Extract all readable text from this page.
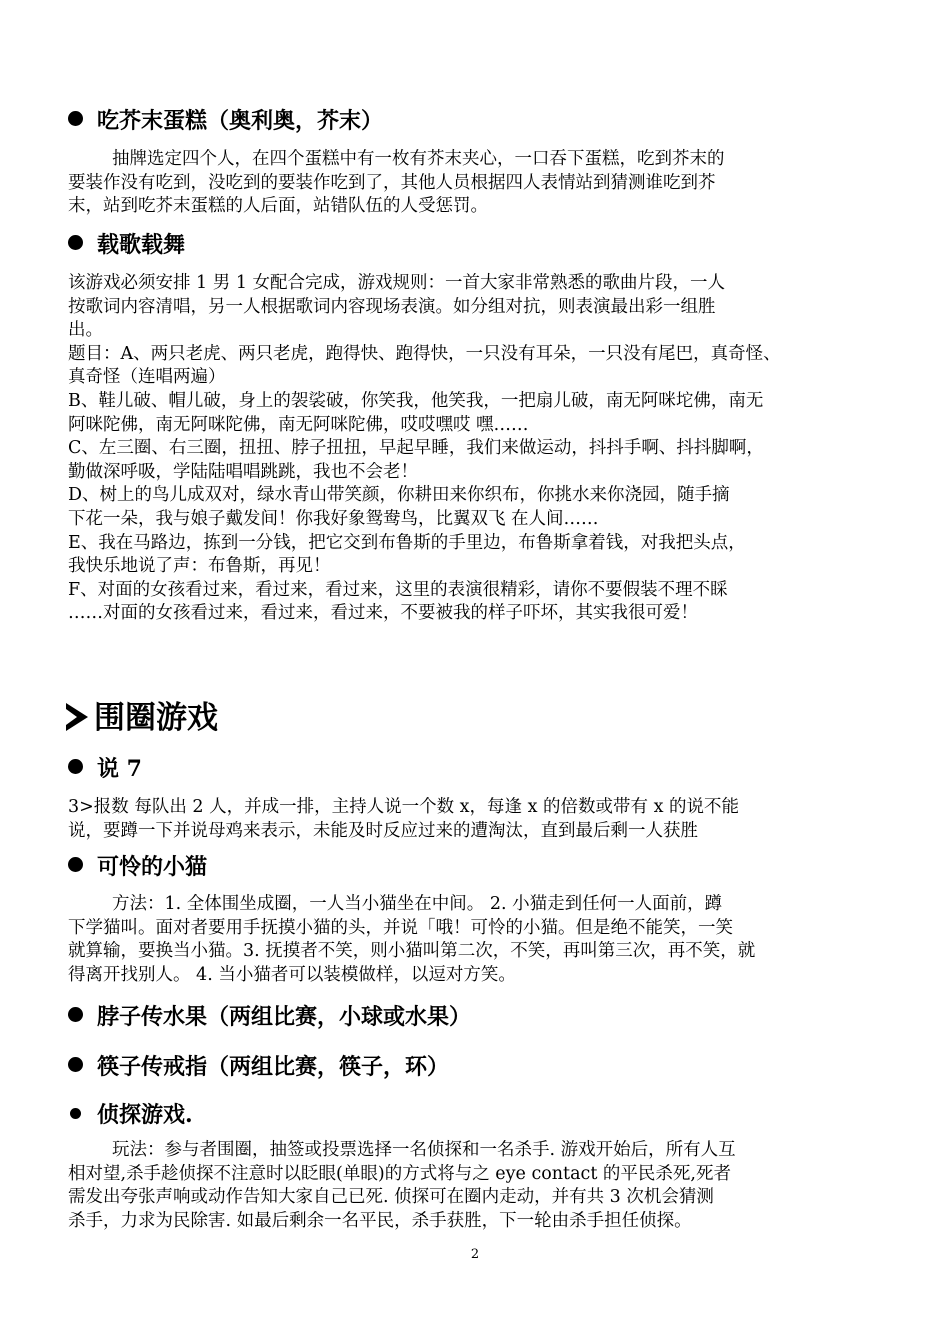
吃芥末蛋糕（奥利奥，芥末）
抽牌选定四个人，在四个蛋糕中有一枚有芥末夹心，一口吞下蛋糕，吃到芥末的
要装作没有吃到，没吃到的要装作吃到了，其他人员根据四人表情站到猜测谁吃到芥
末，站到吃芥末蛋糕的人后面，站错队伍的人受惩罚。
载歌载舞
该游戏必须安排 1 男 1 女配合完成，游戏规则：一首大家非常熟悉的歌曲片段，一人
按歌词内容清唱，另一人根据歌词内容现场表演。如分组对抗，则表演最出彩一组胜
出。
题目：A、两只老虎、两只老虎，跑得快、跑得快，一只没有耳朵，一只没有尾巴，真奇怪、
真奇怪（连唱两遍）
B、鞋儿破、帽儿破，身上的袈裟破，你笑我，他笑我，一把扇儿破，南无阿咪坨佛，南无
阿咪陀佛，南无阿咪陀佛，南无阿咪陀佛，哎哎嘿哎 嘿……
C、左三圈、右三圈，扭扭、脖子扭扭，早起早睡，我们来做运动，抖抖手啊、抖抖脚啊，
勤做深呼吸，学陆陆唱唱跳跳，我也不会老！
D、树上的鸟儿成双对，绿水青山带笑颜，你耕田来你织布，你挑水来你浇园，随手摘
下花一朵，我与娘子戴发间！你我好象鸳鸯鸟，比翼双飞 在人间……
E、我在马路边，拣到一分钱，把它交到布鲁斯的手里边，布鲁斯拿着钱，对我把头点，
我快乐地说了声：布鲁斯，再见！
F、对面的女孩看过来，看过来，看过来，这里的表演很精彩，请你不要假装不理不睬
……对面的女孩看过来，看过来，看过来，不要被我的样子吓坏，其实我很可爱！
围圈游戏
说 7
3>报数 每队出 2 人，并成一排，主持人说一个数 x，每逢 x 的倍数或带有 x 的说不能
说，要蹲一下并说母鸡来表示，未能及时反应过来的遭淘汰，直到最后剩一人获胜
可怜的小猫
方法：1. 全体围坐成圈，一人当小猫坐在中间。 2. 小猫走到任何一人面前，蹲
下学猫叫。面对者要用手抚摸小猫的头，并说「哦！可怜的小猫。但是绝不能笑，一笑
就算输，要换当小猫。3. 抚摸者不笑，则小猫叫第二次，不笑，再叫第三次，再不笑，就
得离开找别人。 4. 当小猫者可以装模做样，以逗对方笑。
脖子传水果（两组比赛，小球或水果）
筷子传戒指（两组比赛，筷子，环）
侦探游戏.
玩法：参与者围圈，抽签或投票选择一名侦探和一名杀手. 游戏开始后，所有人互
相对望,杀手趁侦探不注意时以眨眼(单眼)的方式将与之 eye contact 的平民杀死,死者
需发出夸张声响或动作告知大家自己已死. 侦探可在圈内走动，并有共 3 次机会猜测
杀手，力求为民除害. 如最后剩余一名平民，杀手获胜，下一轮由杀手担任侦探。
2
